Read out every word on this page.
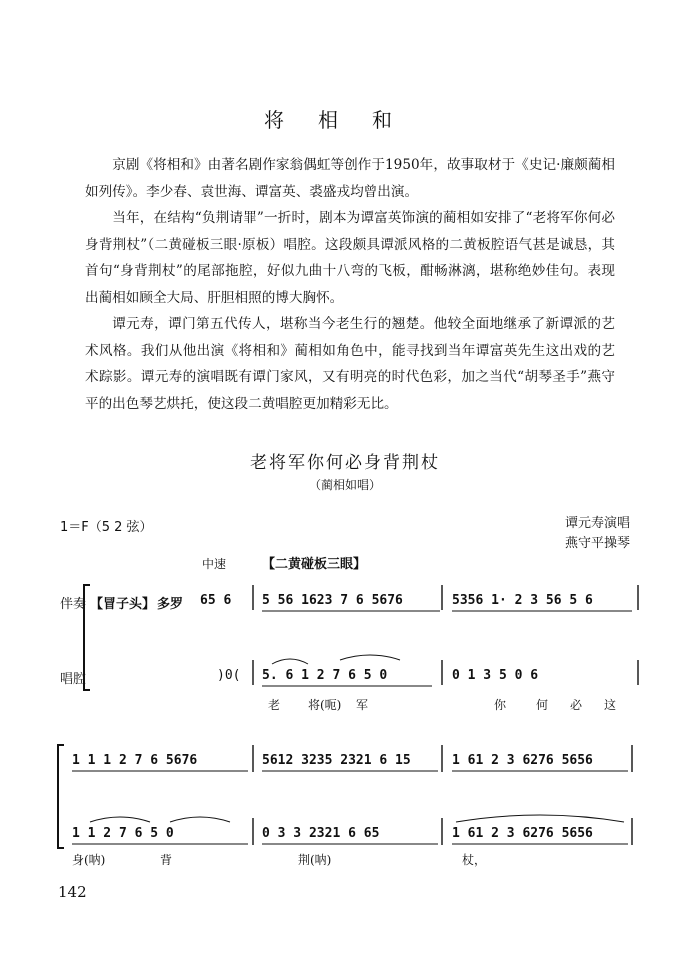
将相和

京剧《将相和》由著名剧作家翁偶虹等创作于1950年，故事取材于《史记·廉颇蔺相如列传》。李少春、袁世海、谭富英、裘盛戎均曾出演。

当年，在结构“负荆请罪”一折时，剧本为谭富英饰演的蔺相如安排了“老将军你何必身背荆杖”（二黄碰板三眼·原板）唱腔。这段颇具谭派风格的二黄板腔语气甚是诚恳，其首句“身背荆杖”的尾部拖腔，好似九曲十八弯的飞板，酣畅淋漓，堪称绝妙佳句。表现出蔺相如顾全大局、肝胆相照的博大胸怀。

谭元寿，谭门第五代传人，堪称当今老生行的翘楚。他较全面地继承了新谭派的艺术风格。我们从他出演《将相和》蔺相如角色中，能寻找到当年谭富英先生这出戏的艺术踪影。谭元寿的演唱既有谭门家风，又有明亮的时代色彩，加之当代“胡琴圣手”燕守平的出色琴艺烘托，使这段二黄唱腔更加精彩无比。

老将军你何必身背荆杖
（蔺相如唱）
谭元寿演唱
燕守平操琴
1＝F（5 2 弦）
中速	【二黄碰板三眼】
伴奏
唱腔
【冒子头】 多罗 65 6 5 56 1623 7 6 5676	5356 1· 2 3 56 5 6
)0( 5. 6 1 2 7 6 5 0	0 1 3 5 0 6
老 将(呃) 军	你 何 必 这
1 1 1 2 7 6 5676	5612 3235 2321 6 15	1 61 2 3 6276 5656
1 1 2 7 6 5 0	0 3 3 2321 6 65	1 61 2 3 6276 5656
身(呐)	背	荆(呐)	杖，
142
